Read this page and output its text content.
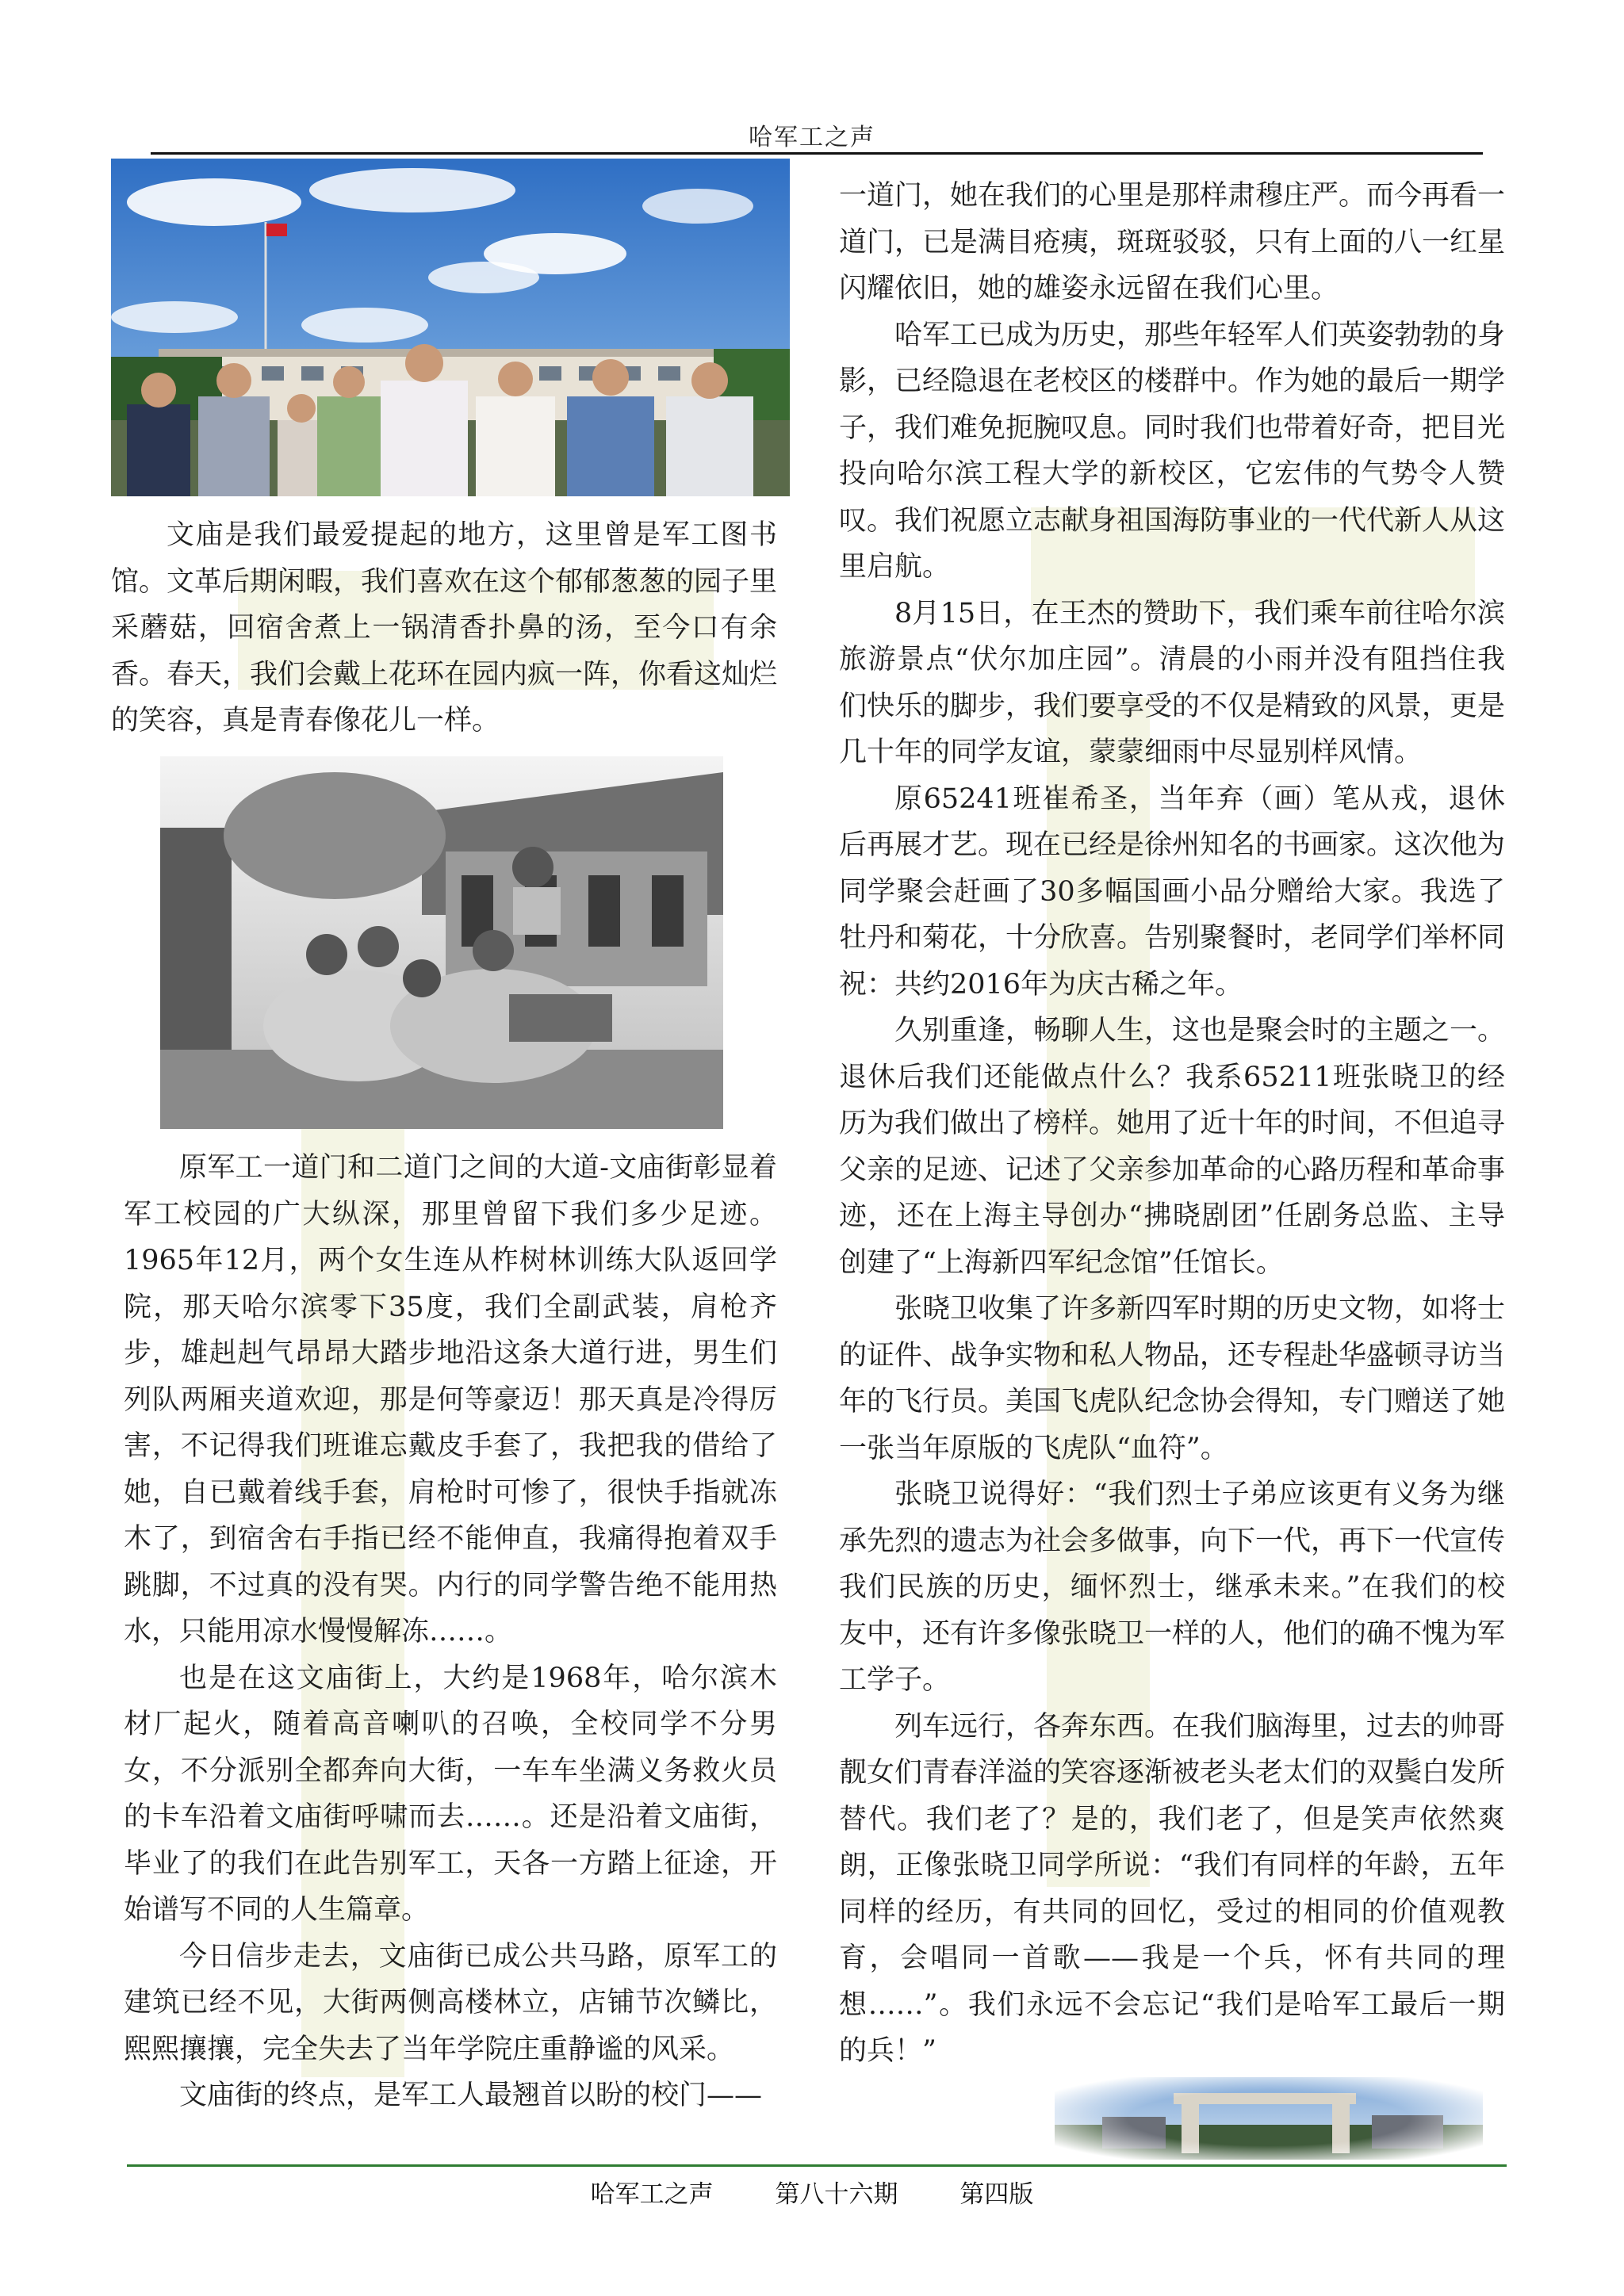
哈军工之声

文庙是我们最爱提起的地方，这里曾是军工图书馆。文革后期闲暇，我们喜欢在这个郁郁葱葱的园子里采蘑菇，回宿舍煮上一锅清香扑鼻的汤，至今口有余香。春天，我们会戴上花环在园内疯一阵，你看这灿烂的笑容，真是青春像花儿一样。

原军工一道门和二道门之间的大道-文庙街彰显着军工校园的广大纵深，那里曾留下我们多少足迹。1965年12月，两个女生连从柞树林训练大队返回学院，那天哈尔滨零下35度，我们全副武装，肩枪齐步，雄赳赳气昂昂大踏步地沿这条大道行进，男生们列队两厢夹道欢迎，那是何等豪迈！那天真是冷得厉害，不记得我们班谁忘戴皮手套了，我把我的借给了她，自已戴着线手套，肩枪时可惨了，很快手指就冻木了，到宿舍右手指已经不能伸直，我痛得抱着双手跳脚，不过真的没有哭。内行的同学警告绝不能用热水，只能用凉水慢慢解冻……。

也是在这文庙街上，大约是1968年，哈尔滨木材厂起火，随着高音喇叭的召唤，全校同学不分男女，不分派别全都奔向大街，一车车坐满义务救火员的卡车沿着文庙街呼啸而去……。还是沿着文庙街，毕业了的我们在此告别军工，天各一方踏上征途，开始谱写不同的人生篇章。

今日信步走去，文庙街已成公共马路，原军工的建筑已经不见，大街两侧高楼林立，店铺节次鳞比，熙熙攘攘，完全失去了当年学院庄重静谧的风采。

文庙街的终点，是军工人最翘首以盼的校门——

一道门，她在我们的心里是那样肃穆庄严。而今再看一道门，已是满目疮痍，斑斑驳驳，只有上面的八一红星闪耀依旧，她的雄姿永远留在我们心里。

哈军工已成为历史，那些年轻军人们英姿勃勃的身影，已经隐退在老校区的楼群中。作为她的最后一期学子，我们难免扼腕叹息。同时我们也带着好奇，把目光投向哈尔滨工程大学的新校区，它宏伟的气势令人赞叹。我们祝愿立志献身祖国海防事业的一代代新人从这里启航。

8月15日，在王杰的赞助下，我们乘车前往哈尔滨旅游景点“伏尔加庄园”。清晨的小雨并没有阻挡住我们快乐的脚步，我们要享受的不仅是精致的风景，更是几十年的同学友谊，蒙蒙细雨中尽显别样风情。

原65241班崔希圣，当年弃（画）笔从戎，退休后再展才艺。现在已经是徐州知名的书画家。这次他为同学聚会赶画了30多幅国画小品分赠给大家。我选了牡丹和菊花，十分欣喜。告别聚餐时，老同学们举杯同祝：共约2016年为庆古稀之年。

久别重逢，畅聊人生，这也是聚会时的主题之一。退休后我们还能做点什么？我系65211班张晓卫的经历为我们做出了榜样。她用了近十年的时间，不但追寻父亲的足迹、记述了父亲参加革命的心路历程和革命事迹，还在上海主导创办“拂晓剧团”任剧务总监、主导创建了“上海新四军纪念馆”任馆长。

张晓卫收集了许多新四军时期的历史文物，如将士的证件、战争实物和私人物品，还专程赴华盛顿寻访当年的飞行员。美国飞虎队纪念协会得知，专门赠送了她一张当年原版的飞虎队“血符”。

张晓卫说得好：“我们烈士子弟应该更有义务为继承先烈的遗志为社会多做事，向下一代，再下一代宣传我们民族的历史，缅怀烈士，继承未来。”在我们的校友中，还有许多像张晓卫一样的人，他们的确不愧为军工学子。

列车远行，各奔东西。在我们脑海里，过去的帅哥靓女们青春洋溢的笑容逐渐被老头老太们的双鬓白发所替代。我们老了？是的，我们老了，但是笑声依然爽朗，正像张晓卫同学所说：“我们有同样的年龄，五年同样的经历，有共同的回忆，受过的相同的价值观教育，会唱同一首歌——我是一个兵，怀有共同的理想……”。我们永远不会忘记“我们是哈军工最后一期的兵！”

哈军工之声	第八十六期	第四版
